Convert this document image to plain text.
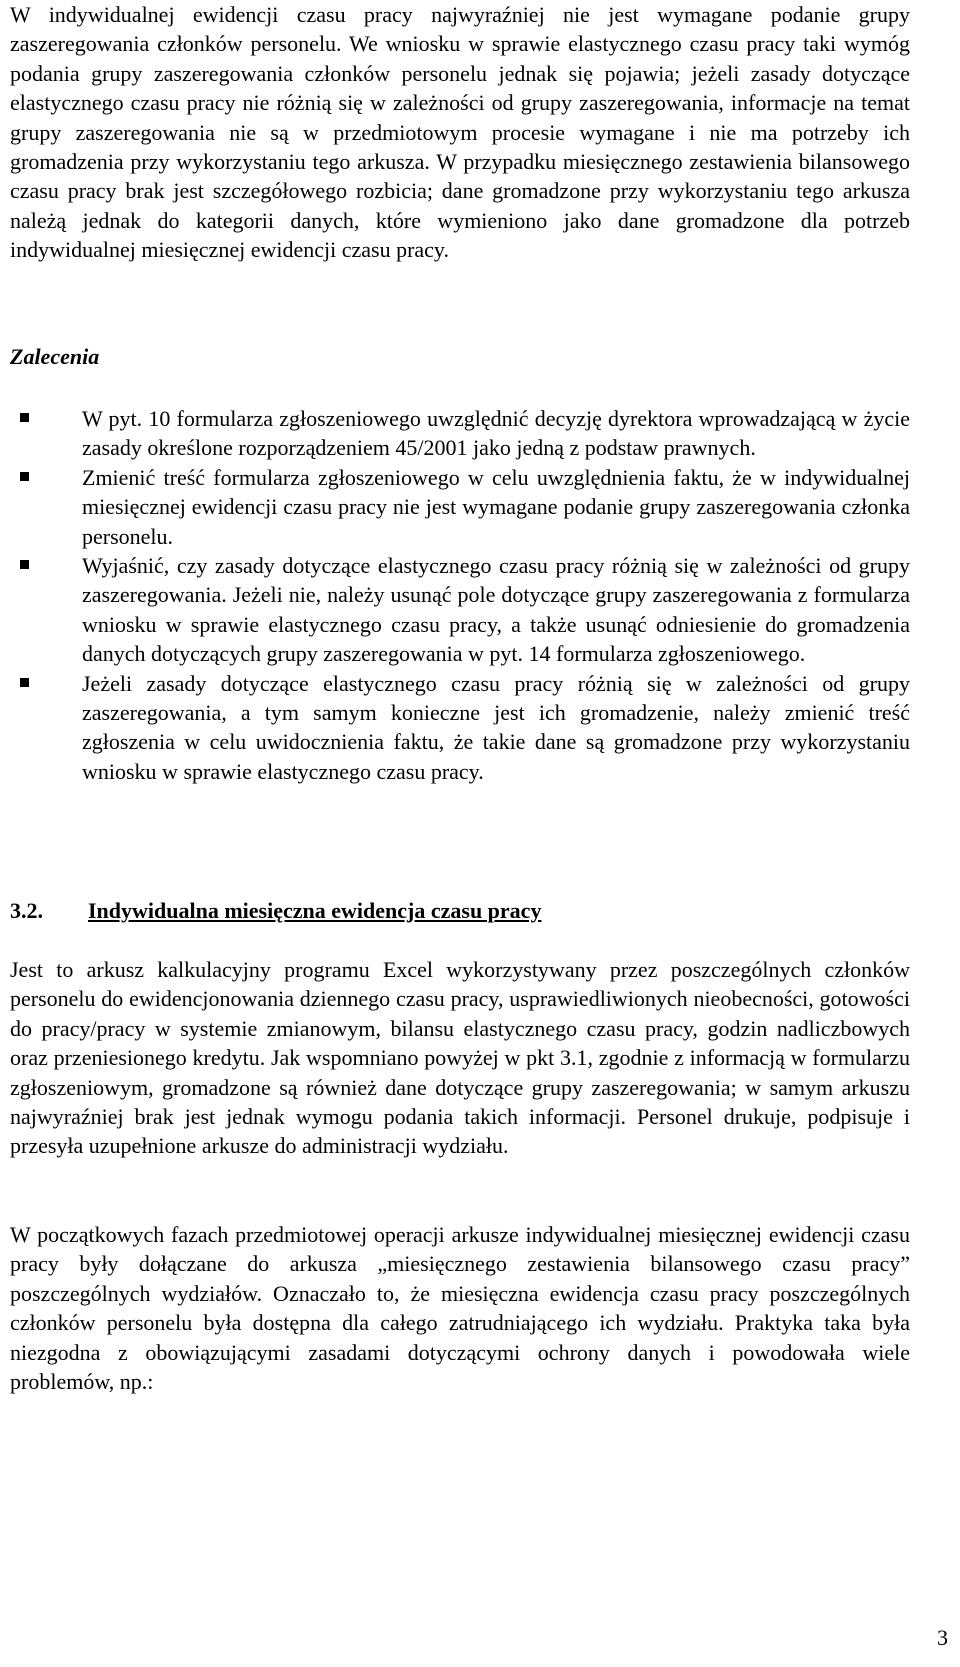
W indywidualnej ewidencji czasu pracy najwyraźniej nie jest wymagane podanie grupy zaszeregowania członków personelu. We wniosku w sprawie elastycznego czasu pracy taki wymóg podania grupy zaszeregowania członków personelu jednak się pojawia; jeżeli zasady dotyczące elastycznego czasu pracy nie różnią się w zależności od grupy zaszeregowania, informacje na temat grupy zaszeregowania nie są w przedmiotowym procesie wymagane i nie ma potrzeby ich gromadzenia przy wykorzystaniu tego arkusza. W przypadku miesięcznego zestawienia bilansowego czasu pracy brak jest szczegółowego rozbicia; dane gromadzone przy wykorzystaniu tego arkusza należą jednak do kategorii danych, które wymieniono jako dane gromadzone dla potrzeb indywidualnej miesięcznej ewidencji czasu pracy.

Zalecenia

W pyt. 10 formularza zgłoszeniowego uwzględnić decyzję dyrektora wprowadzającą w życie zasady określone rozporządzeniem 45/2001 jako jedną z podstaw prawnych.
Zmienić treść formularza zgłoszeniowego w celu uwzględnienia faktu, że w indywidualnej miesięcznej ewidencji czasu pracy nie jest wymagane podanie grupy zaszeregowania członka personelu.
Wyjaśnić, czy zasady dotyczące elastycznego czasu pracy różnią się w zależności od grupy zaszeregowania. Jeżeli nie, należy usunąć pole dotyczące grupy zaszeregowania z formularza wniosku w sprawie elastycznego czasu pracy, a także usunąć odniesienie do gromadzenia danych dotyczących grupy zaszeregowania w pyt. 14 formularza zgłoszeniowego.
Jeżeli zasady dotyczące elastycznego czasu pracy różnią się w zależności od grupy zaszeregowania, a tym samym konieczne jest ich gromadzenie, należy zmienić treść zgłoszenia w celu uwidocznienia faktu, że takie dane są gromadzone przy wykorzystaniu wniosku w sprawie elastycznego czasu pracy.

3.2. Indywidualna miesięczna ewidencja czasu pracy

Jest to arkusz kalkulacyjny programu Excel wykorzystywany przez poszczególnych członków personelu do ewidencjonowania dziennego czasu pracy, usprawiedliwionych nieobecności, gotowości do pracy/pracy w systemie zmianowym, bilansu elastycznego czasu pracy, godzin nadliczbowych oraz przeniesionego kredytu. Jak wspomniano powyżej w pkt 3.1, zgodnie z informacją w formularzu zgłoszeniowym, gromadzone są również dane dotyczące grupy zaszeregowania; w samym arkuszu najwyraźniej brak jest jednak wymogu podania takich informacji. Personel drukuje, podpisuje i przesyła uzupełnione arkusze do administracji wydziału.

W początkowych fazach przedmiotowej operacji arkusze indywidualnej miesięcznej ewidencji czasu pracy były dołączane do arkusza „miesięcznego zestawienia bilansowego czasu pracy” poszczególnych wydziałów. Oznaczało to, że miesięczna ewidencja czasu pracy poszczególnych członków personelu była dostępna dla całego zatrudniającego ich wydziału. Praktyka taka była niezgodna z obowiązującymi zasadami dotyczącymi ochrony danych i powodowała wiele problemów, np.:

3
